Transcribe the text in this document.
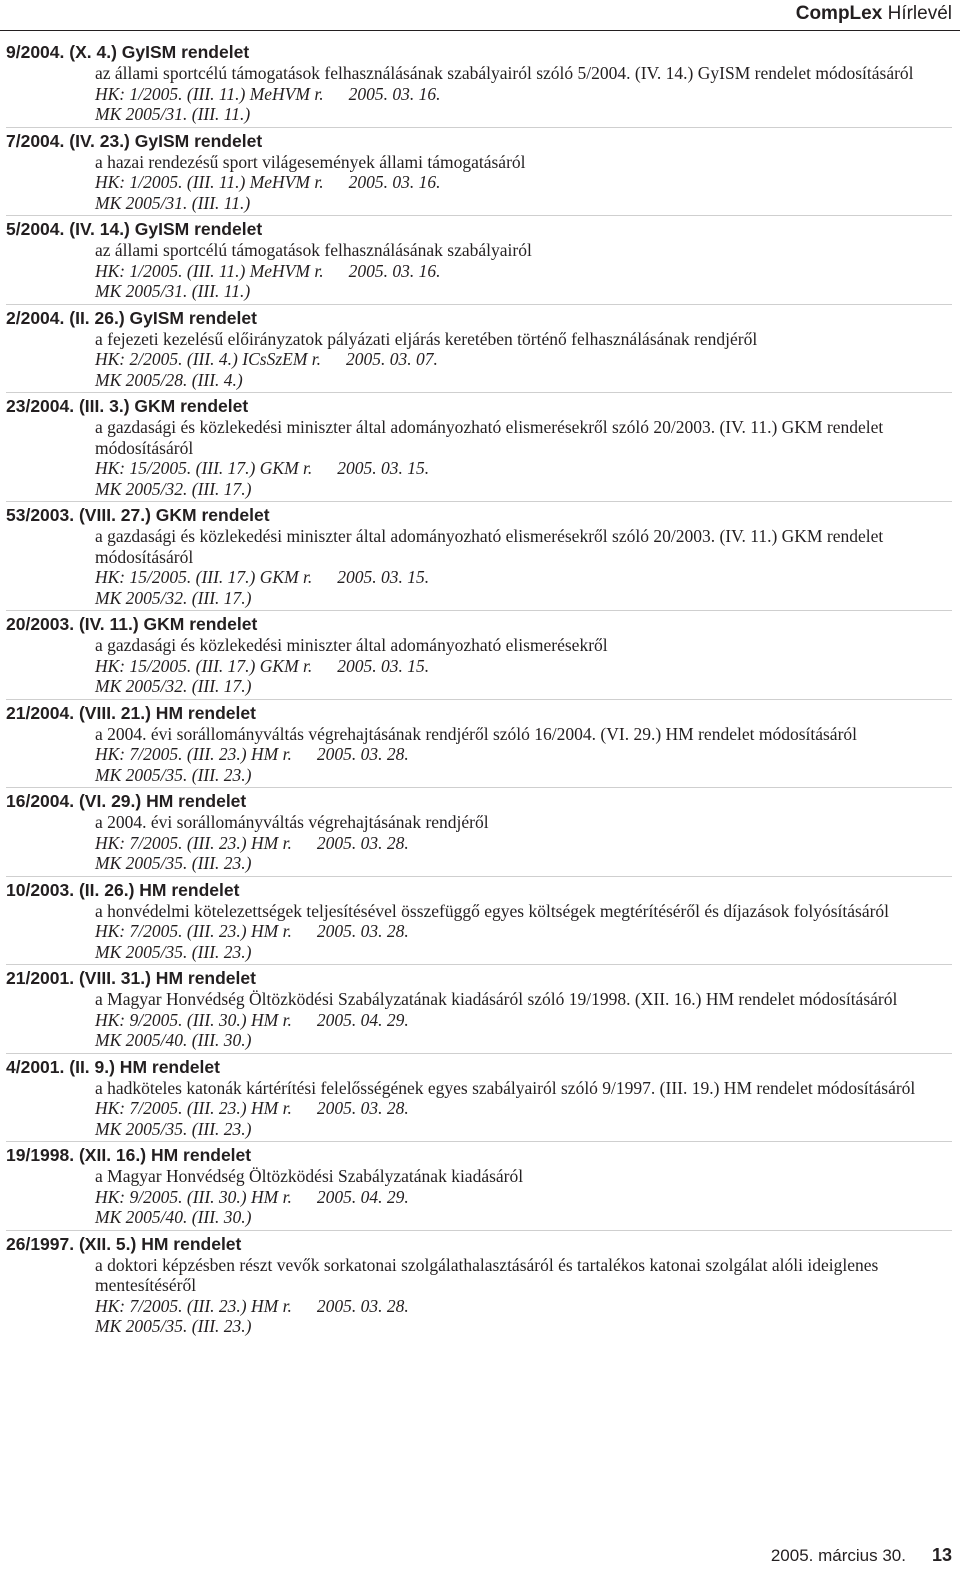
CompLex Hírlevél
9/2004. (X. 4.) GyISM rendelet
az állami sportcélú támogatások felhasználásának szabályairól szóló 5/2004. (IV. 14.) GyISM rendelet módosításáról
HK: 1/2005. (III. 11.) MeHVM r. 2005. 03. 16.
MK 2005/31. (III. 11.)
7/2004. (IV. 23.) GyISM rendelet
a hazai rendezésű sport világesemények állami támogatásáról
HK: 1/2005. (III. 11.) MeHVM r. 2005. 03. 16.
MK 2005/31. (III. 11.)
5/2004. (IV. 14.) GyISM rendelet
az állami sportcélú támogatások felhasználásának szabályairól
HK: 1/2005. (III. 11.) MeHVM r. 2005. 03. 16.
MK 2005/31. (III. 11.)
2/2004. (II. 26.) GyISM rendelet
a fejezeti kezelésű előirányzatok pályázati eljárás keretében történő felhasználásának rendjéről
HK: 2/2005. (III. 4.) ICsSzEM r. 2005. 03. 07.
MK 2005/28. (III. 4.)
23/2004. (III. 3.) GKM rendelet
a gazdasági és közlekedési miniszter által adományozható elismerésekről szóló 20/2003. (IV. 11.) GKM rendelet módosításáról
HK: 15/2005. (III. 17.) GKM r. 2005. 03. 15.
MK 2005/32. (III. 17.)
53/2003. (VIII. 27.) GKM rendelet
a gazdasági és közlekedési miniszter által adományozható elismerésekről szóló 20/2003. (IV. 11.) GKM rendelet módosításáról
HK: 15/2005. (III. 17.) GKM r. 2005. 03. 15.
MK 2005/32. (III. 17.)
20/2003. (IV. 11.) GKM rendelet
a gazdasági és közlekedési miniszter által adományozható elismerésekről
HK: 15/2005. (III. 17.) GKM r. 2005. 03. 15.
MK 2005/32. (III. 17.)
21/2004. (VIII. 21.) HM rendelet
a 2004. évi sorállományváltás végrehajtásának rendjéről szóló 16/2004. (VI. 29.) HM rendelet módosításáról
HK: 7/2005. (III. 23.) HM r. 2005. 03. 28.
MK 2005/35. (III. 23.)
16/2004. (VI. 29.) HM rendelet
a 2004. évi sorállományváltás végrehajtásának rendjéről
HK: 7/2005. (III. 23.) HM r. 2005. 03. 28.
MK 2005/35. (III. 23.)
10/2003. (II. 26.) HM rendelet
a honvédelmi kötelezettségek teljesítésével összefüggő egyes költségek megtérítéséről és díjazások folyósításáról
HK: 7/2005. (III. 23.) HM r. 2005. 03. 28.
MK 2005/35. (III. 23.)
21/2001. (VIII. 31.) HM rendelet
a Magyar Honvédség Öltözködési Szabályzatának kiadásáról szóló 19/1998. (XII. 16.) HM rendelet módosításáról
HK: 9/2005. (III. 30.) HM r. 2005. 04. 29.
MK 2005/40. (III. 30.)
4/2001. (II. 9.) HM rendelet
a hadköteles katonák kártérítési felelősségének egyes szabályairól szóló 9/1997. (III. 19.) HM rendelet módosításáról
HK: 7/2005. (III. 23.) HM r. 2005. 03. 28.
MK 2005/35. (III. 23.)
19/1998. (XII. 16.) HM rendelet
a Magyar Honvédség Öltözködési Szabályzatának kiadásáról
HK: 9/2005. (III. 30.) HM r. 2005. 04. 29.
MK 2005/40. (III. 30.)
26/1997. (XII. 5.) HM rendelet
a doktori képzésben részt vevők sorkatonai szolgálathalasztásáról és tartalékos katonai szolgálat alóli ideiglenes mentesítéséről
HK: 7/2005. (III. 23.) HM r. 2005. 03. 28.
MK 2005/35. (III. 23.)
2005. március 30. 13
